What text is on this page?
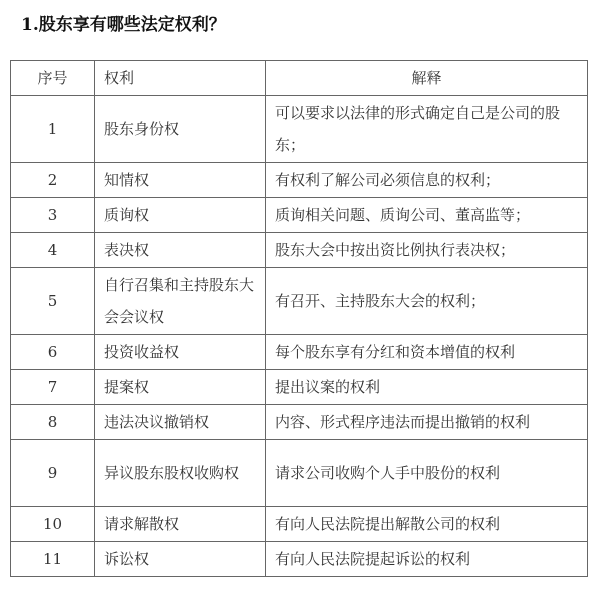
1.股东享有哪些法定权利？
序号	权利	解释
1	股东身份权	可以要求以法律的形式确定自己是公司的股东；
2	知情权	有权利了解公司必须信息的权利；
3	质询权	质询相关问题、质询公司、董高监等；
4	表决权	股东大会中按出资比例执行表决权；
5	自行召集和主持股东大会会议权	有召开、主持股东大会的权利；
6	投资收益权	每个股东享有分红和资本增值的权利
7	提案权	提出议案的权利
8	违法决议撤销权	内容、形式程序违法而提出撤销的权利
9	异议股东股权收购权	请求公司收购个人手中股份的权利
10	请求解散权	有向人民法院提出解散公司的权利
11	诉讼权	有向人民法院提起诉讼的权利
